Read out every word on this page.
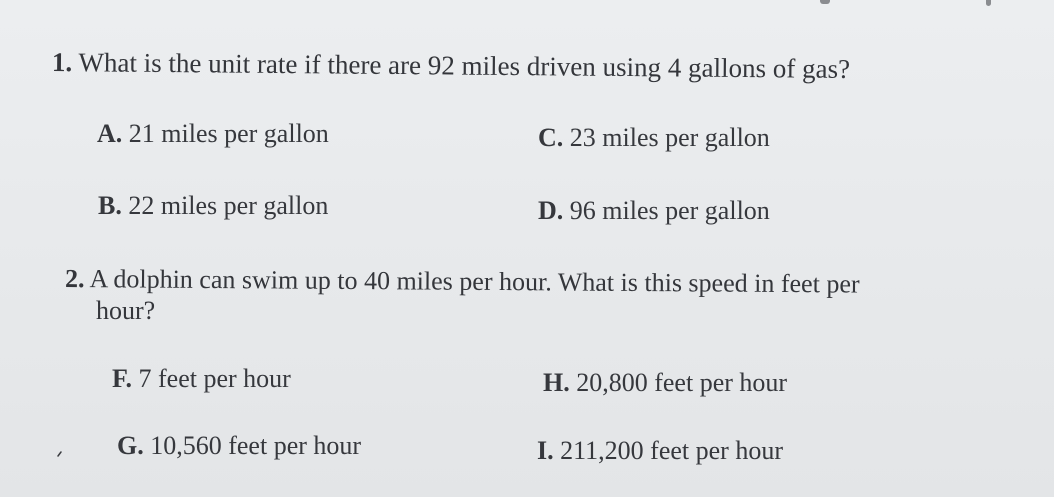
1. What is the unit rate if there are 92 miles driven using 4 gallons of gas?
A. 21 miles per gallon	C. 23 miles per gallon
B. 22 miles per gallon	D. 96 miles per gallon
2. A dolphin can swim up to 40 miles per hour. What is this speed in feet per
hour?
F. 7 feet per hour	H. 20,800 feet per hour
G. 10,560 feet per hour	I. 211,200 feet per hour
